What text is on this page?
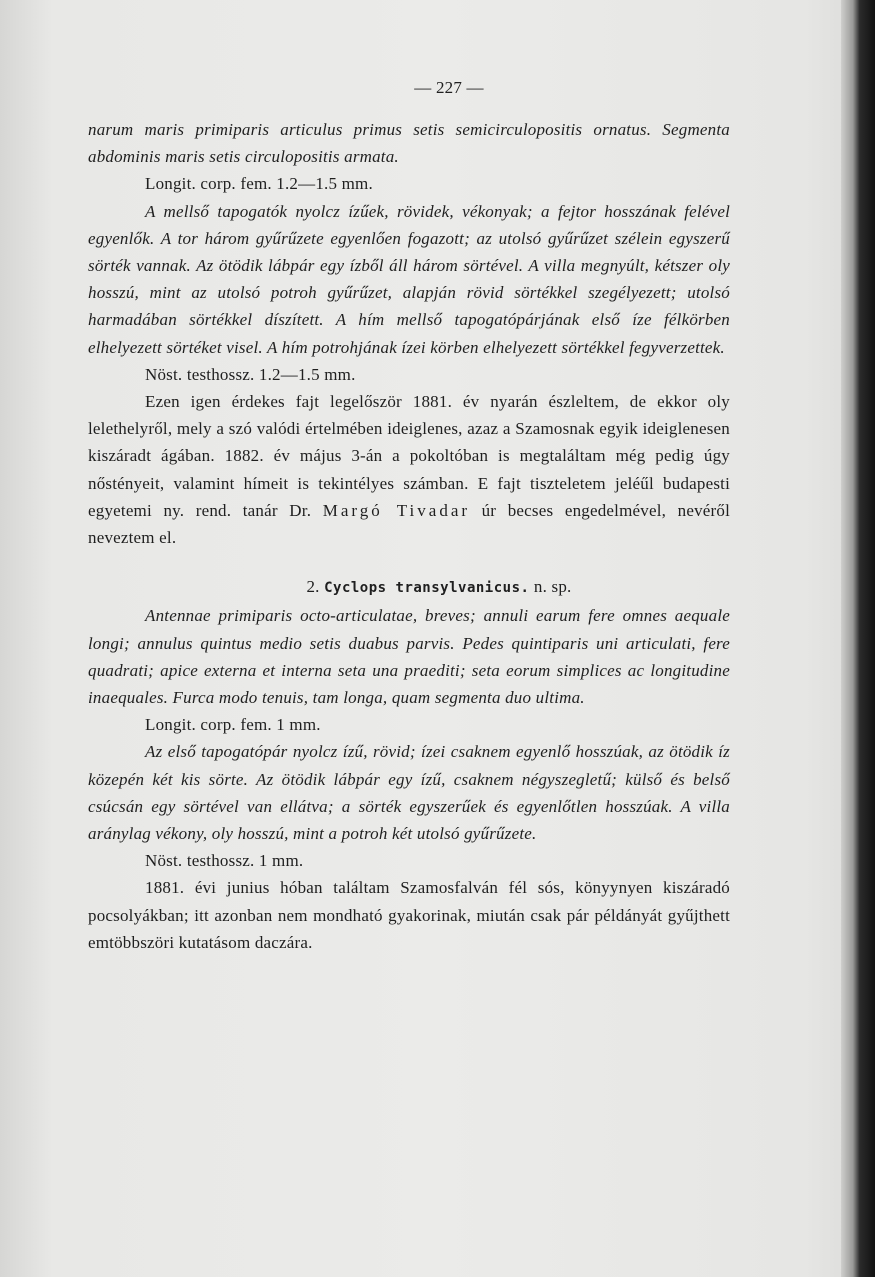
— 227 —

narum maris primiparis articulus primus setis semicirculopositis ornatus. Segmenta abdominis maris setis circulopositis armata.

Longit. corp. fem. 1.2—1.5 mm.

A mellső tapogatók nyolcz ízűek, rövidek, vékonyak; a fejtor hosszának felével egyenlők. A tor három gyűrűzete egyenlően fogazott; az utolsó gyűrűzet szélein egyszerű sörték vannak. Az ötödik lábpár egy ízből áll három sörtével. A villa megnyúlt, kétszer oly hosszú, mint az utolsó potroh gyűrűzet, alapján rövid sörtékkel szegélyezett; utolsó harmadában sörtékkel díszített. A hím mellső tapogatópárjának első íze félkörben elhelyezett sörtéket visel. A hím potrohjának ízei körben elhelyezett sörtékkel fegyverzettek.

Nöst. testhossz. 1.2—1.5 mm.

Ezen igen érdekes fajt legelőször 1881. év nyarán észleltem, de ekkor oly lelethelyről, mely a szó valódi értelmében ideiglenes, azaz a Szamosnak egyik ideiglenesen kiszáradt ágában. 1882. év május 3-án a pokoltóban is megtaláltam még pedig úgy nőstényeit, valamint hímeit is tekintélyes számban. E fajt tiszteletem jeléűl budapesti egyetemi ny. rend. tanár Dr. Margó Tivadar úr becses engedelmével, nevéről neveztem el.

2. Cyclops transylvanicus. n. sp.

Antennae primiparis octo-articulatae, breves; annuli earum fere omnes aequale longi; annulus quintus medio setis duabus parvis. Pedes quintiparis uni articulati, fere quadrati; apice externa et interna seta una praediti; seta eorum simplices ac longitudine inaequales. Furca modo tenuis, tam longa, quam segmenta duo ultima.

Longit. corp. fem. 1 mm.

Az első tapogatópár nyolcz ízű, rövid; ízei csaknem egyenlő hosszúak, az ötödik íz közepén két kis sörte. Az ötödik lábpár egy ízű, csaknem négyszegletű; külső és belső csúcsán egy sörtével van ellátva; a sörték egyszerűek és egyenlőtlen hosszúak. A villa aránylag vékony, oly hosszú, mint a potroh két utolsó gyűrűzete.

Nöst. testhossz. 1 mm.

1881. évi junius hóban találtam Szamosfalván fél sós, könyynyen kiszáradó pocsolyákban; itt azonban nem mondható gyakorinak, miután csak pár példányát gyűjthett emtöbbszöri kutatásom daczára.
